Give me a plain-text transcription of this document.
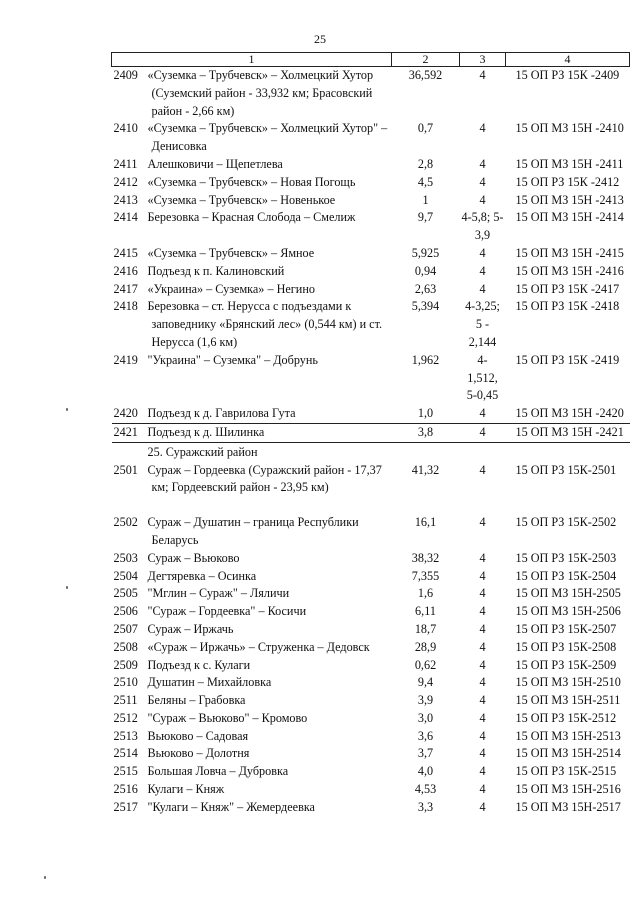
25
1	2	3	4
2409 «Суземка – Трубчевск» – Холмецкий Хутор (Суземский район - 33,932 км; Брасовский район - 2,66 км)	36,592	4	15 ОП РЗ 15К -2409
2410 «Суземка – Трубчевск» – Холмецкий Хутор" – Денисовка	0,7	4	15 ОП МЗ 15Н -2410
2411 Алешковичи – Щепетлева	2,8	4	15 ОП МЗ 15Н -2411
2412 «Суземка – Трубчевск» – Новая Погощь	4,5	4	15 ОП РЗ 15К -2412
2413 «Суземка – Трубчевск» – Новенькое	1	4	15 ОП МЗ 15Н -2413
2414 Березовка – Красная Слобода – Смелиж	9,7	4-5,8; 5-3,9	15 ОП МЗ 15Н -2414
2415 «Суземка – Трубчевск» – Ямное	5,925	4	15 ОП МЗ 15Н -2415
2416 Подъезд к п. Калиновский	0,94	4	15 ОП МЗ 15Н -2416
2417 «Украина» – Суземка» – Негино	2,63	4	15 ОП РЗ 15К -2417
2418 Березовка – ст. Нерусса с подъездами к заповеднику «Брянский лес» (0,544 км) и ст. Нерусса (1,6 км)	5,394	4-3,25; 5 - 2,144	15 ОП РЗ 15К -2418
2419 "Украина" – Суземка" – Добрунь	1,962	4- 1,512, 5-0,45	15 ОП РЗ 15К -2419
2420 Подъезд к д. Гаврилова Гута	1,0	4	15 ОП МЗ 15Н -2420
2421 Подъезд к д. Шилинка	3,8	4	15 ОП МЗ 15Н -2421
25. Суражский район			
2501 Сураж – Гордеевка (Суражский район - 17,37 км; Гордеевский район - 23,95 км)	41,32	4	15 ОП РЗ 15К-2501

2502 Сураж – Душатин – граница Республики Беларусь	16,1	4	15 ОП РЗ 15К-2502
2503 Сураж – Вьюково	38,32	4	15 ОП РЗ 15К-2503
2504 Дегтяревка – Осинка	7,355	4	15 ОП РЗ 15К-2504
2505 "Мглин – Сураж" – Ляличи	1,6	4	15 ОП МЗ 15Н-2505
2506 "Сураж – Гордеевка" – Косичи	6,11	4	15 ОП МЗ 15Н-2506
2507 Сураж – Иржачь	18,7	4	15 ОП РЗ 15К-2507
2508 «Сураж – Иржачь» – Струженка – Дедовск	28,9	4	15 ОП РЗ 15К-2508
2509 Подъезд к с. Кулаги	0,62	4	15 ОП РЗ 15К-2509
2510 Душатин – Михайловка	9,4	4	15 ОП МЗ 15Н-2510
2511 Беляны – Грабовка	3,9	4	15 ОП МЗ 15Н-2511
2512 "Сураж – Вьюково" – Кромово	3,0	4	15 ОП РЗ 15К-2512
2513 Вьюково – Садовая	3,6	4	15 ОП МЗ 15Н-2513
2514 Вьюково – Долотня	3,7	4	15 ОП МЗ 15Н-2514
2515 Большая Ловча – Дубровка	4,0	4	15 ОП РЗ 15К-2515
2516 Кулаги – Княж	4,53	4	15 ОП МЗ 15Н-2516
2517 "Кулаги – Княж" – Жемердеевка	3,3	4	15 ОП МЗ 15Н-2517
